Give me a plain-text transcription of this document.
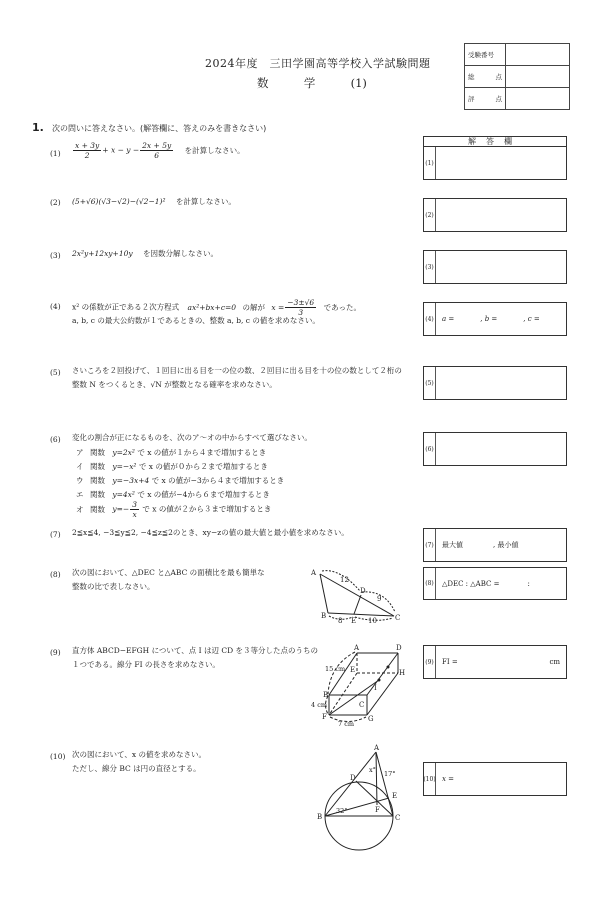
2024年度　三田学園高等学校入学試験問題
数	学	(1)
受験番号	

総 点	

評 点	

1. 次の問いに答えなさい。(解答欄に、答えのみを書きなさい)
解答欄
$(1) \frac{x + 3y}{2} + x - y - \frac{2x + 5y}{6}$ を計算しなさい。
(1)
(2) (5+√6)(√3−√2)−(√2−1)² を計算しなさい。
(2)
(3) 2x²y+12xy+10y を因数分解しなさい。
(3)
(4) x² の係数が正である２次方程式 ax²+bx+c=0 の解が $x = \frac{-3\pm√6}{3}$ であった。
a, b, c の最大公約数が１であるときの、整数 a, b, c の値を求めなさい。	(4)	a =	, b =	, c =
(5) さいころを２回投げて、１回目に出る目を一の位の数、２回目に出る目を十の位の数として２桁の
整数 N をつくるとき、√N が整数となる確率を求めなさい。	(5)
(6) 変化の割合が正になるものを、次のア〜オの中からすべて選びなさい。
ア 関数 y=2x² で x の値が１から４まで増加するとき
イ 関数 y=−x² で x の値が０から２まで増加するとき
ウ 関数 y=−3x+4 で x の値が−3から４まで増加するとき
エ 関数 y=4x² で x の値が−4から６まで増加するとき
オ 関数 $y=- \frac{3}{x}$ で x の値が２から３まで増加するとき
(6)
(7) 2≦x≦4, −3≦y≦2, −4≦z≦2のとき、xy−zの値の最大値と最小値を求めなさい。
(7)	最大値	, 最小値
(8) 次の図において、△DEC と△ABC の面積比を最も簡単な
整数の比で表しなさい。
A
B	C
D
E
12
9
8	10
(8)	△DEC : △ABC =	:
(9) 直方体 ABCD−EFGH について、点 I は辺 CD を３等分した点のうちの
１つである。線分 FI の長さを求めなさい。
A
B
C
D
E
F	G
H
I
15 cm
4 cm
7 cm
(9)	FI =	cm
(10) 次の図において、x の値を求めなさい。
ただし、線分 BC は円の直径とする。
A
B	C
D
E
F
x° 17°
32°
(10) x =
